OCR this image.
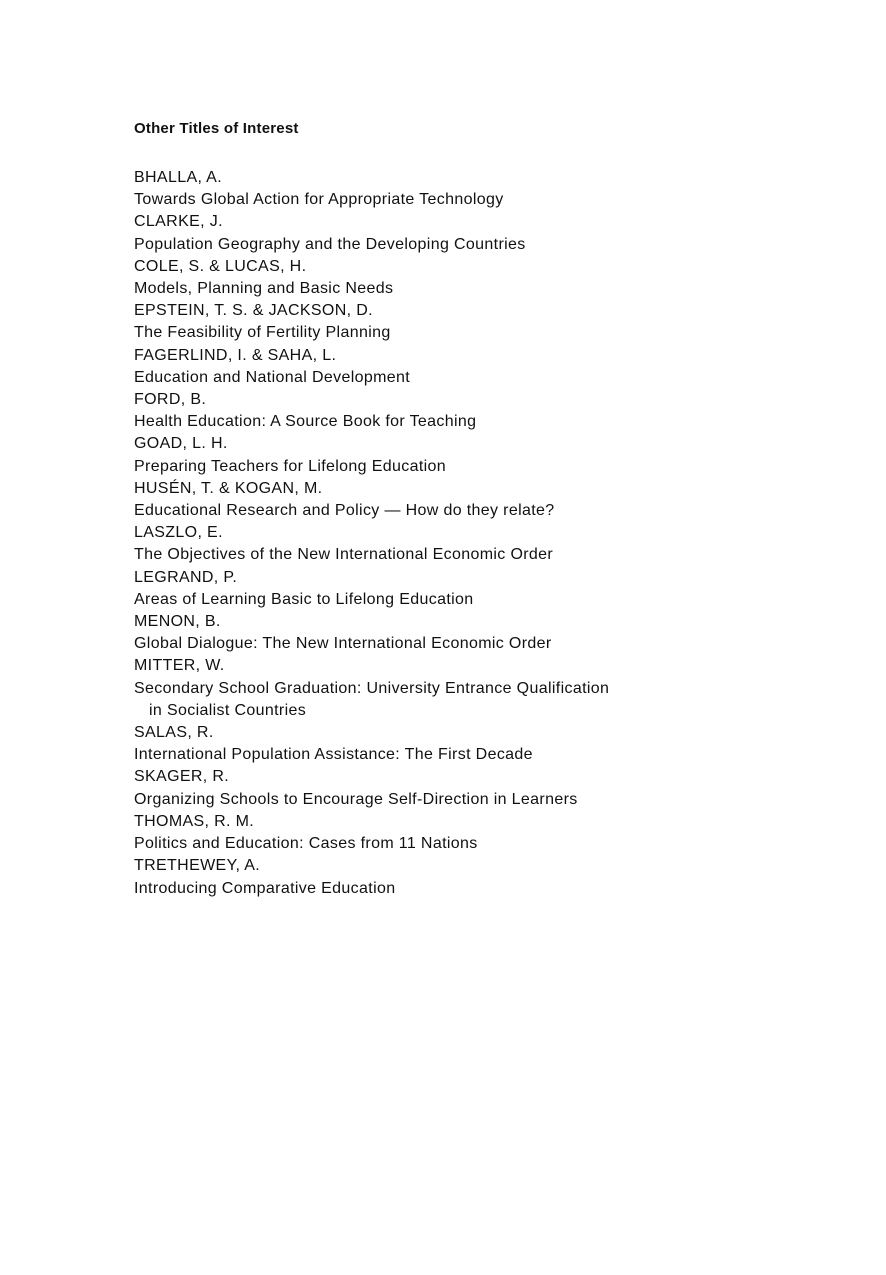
Other Titles of Interest
BHALLA, A.
Towards Global Action for Appropriate Technology
CLARKE, J.
Population Geography and the Developing Countries
COLE, S. & LUCAS, H.
Models, Planning and Basic Needs
EPSTEIN, T. S. & JACKSON, D.
The Feasibility of Fertility Planning
FAGERLIND, I. & SAHA, L.
Education and National Development
FORD, B.
Health Education: A Source Book for Teaching
GOAD, L. H.
Preparing Teachers for Lifelong Education
HUSÉN, T. & KOGAN, M.
Educational Research and Policy — How do they relate?
LASZLO, E.
The Objectives of the New International Economic Order
LEGRAND, P.
Areas of Learning Basic to Lifelong Education
MENON, B.
Global Dialogue: The New International Economic Order
MITTER, W.
Secondary School Graduation: University Entrance Qualification
in Socialist Countries
SALAS, R.
International Population Assistance: The First Decade
SKAGER, R.
Organizing Schools to Encourage Self-Direction in Learners
THOMAS, R. M.
Politics and Education: Cases from 11 Nations
TRETHEWEY, A.
Introducing Comparative Education
